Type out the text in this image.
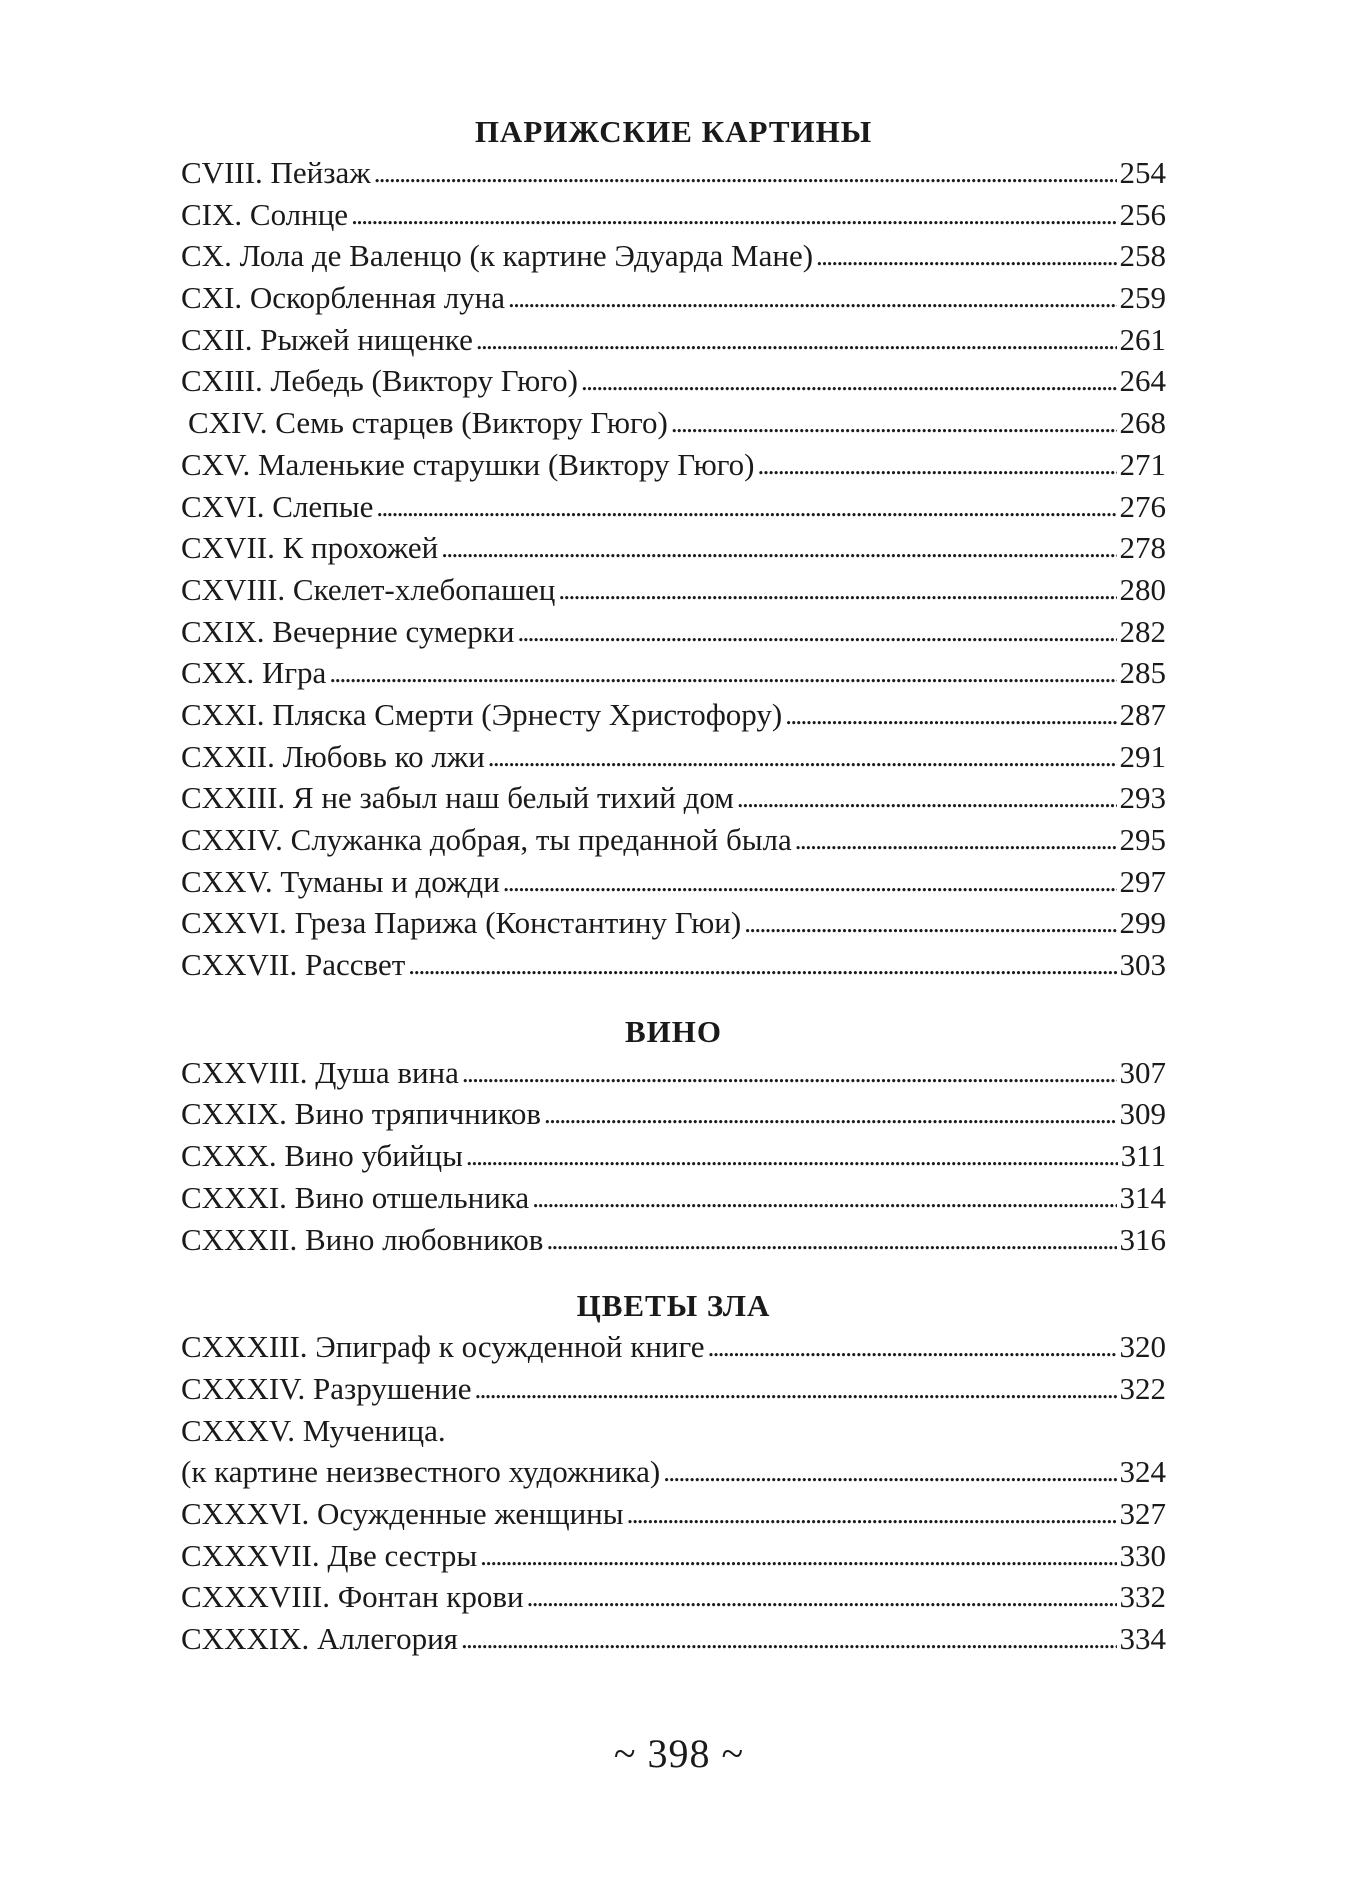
ПАРИЖСКИЕ КАРТИНЫ
CVIII. Пейзаж . . .	254
CIX. Солнце . . .	256
CX. Лола де Валенцо (к картине Эдуарда Мане) . . .	258
CXI. Оскорбленная луна . . .	259
CXII. Рыжей нищенке . . .	261
CXIII. Лебедь (Виктору Гюго) . . .	264
CXIV. Семь старцев (Виктору Гюго) . . .	268
CXV. Маленькие старушки (Виктору Гюго) . . .	271
CXVI. Слепые . . .	276
CXVII. К прохожей . . .	278
CXVIII. Скелет-хлебопашец . . .	280
CXIX. Вечерние сумерки . . .	282
CXX. Игра . . .	285
CXXI. Пляска Смерти (Эрнесту Христофору) . . .	287
CXXII. Любовь ко лжи . . .	291
CXXIII. Я не забыл наш белый тихий дом . . .	293
CXXIV. Служанка добрая, ты преданной была . . .	295
CXXV. Туманы и дожди . . .	297
CXXVI. Греза Парижа (Константину Гюи) . . .	299
CXXVII. Рассвет . . .	303
ВИНО
CXXVIII. Душа вина . . .	307
CXXIX. Вино тряпичников . . .	309
CXXX. Вино убийцы . . .	311
CXXXI. Вино отшельника . . .	314
CXXXII. Вино любовников . . .	316
ЦВЕТЫ ЗЛА
CXXXIII. Эпиграф к осужденной книге . . .	320
CXXXIV. Разрушение . . .	322
CXXXV. Мученица.
(к картине неизвестного художника) . . .	324
CXXXVI. Осужденные женщины . . .	327
CXXXVII. Две сестры . . .	330
CXXXVIII. Фонтан крови . . .	332
CXXXIX. Аллегория . . .	334
~ 398 ~
